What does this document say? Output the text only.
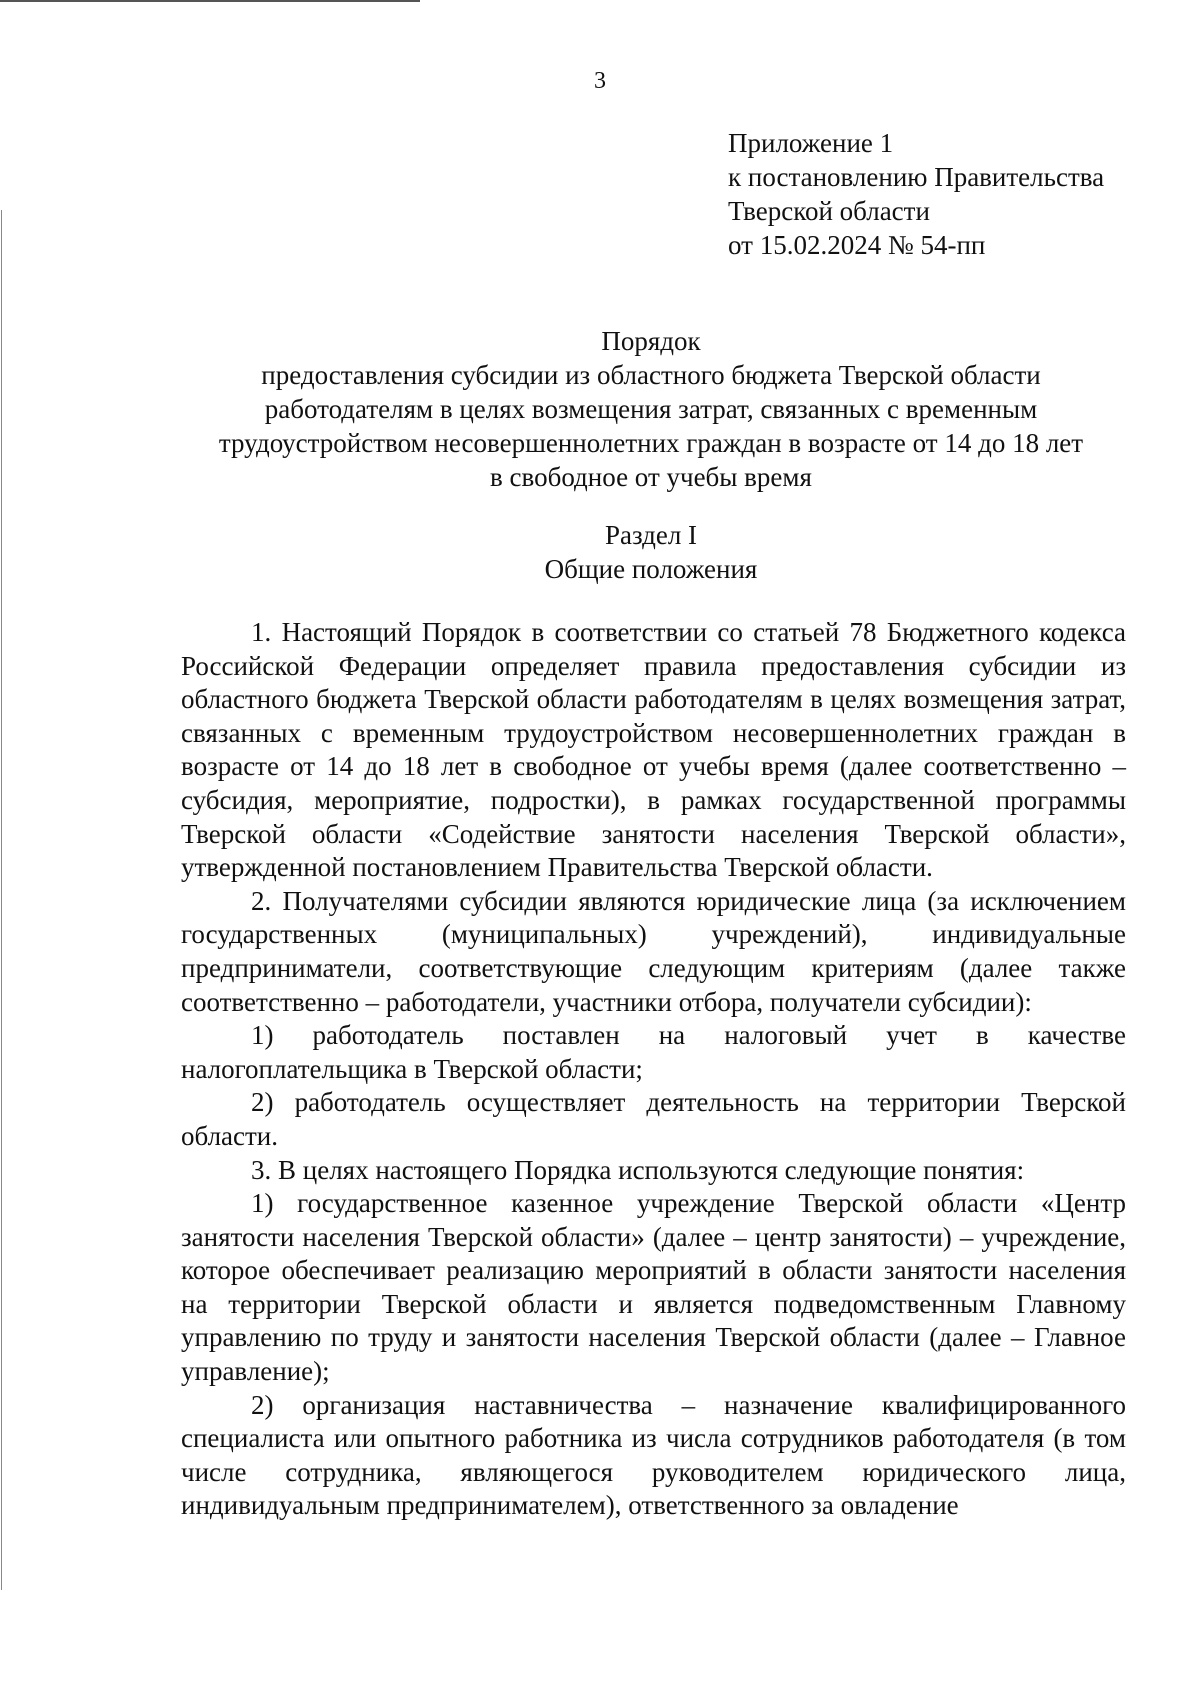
3
Приложение 1
к постановлению Правительства
Тверской области
от 15.02.2024 № 54-пп
Порядок
предоставления субсидии из областного бюджета Тверской области
работодателям в целях возмещения затрат, связанных с временным
трудоустройством несовершеннолетних граждан в возрасте от 14 до 18 лет
в свободное от учебы время
Раздел I
Общие положения

1. Настоящий Порядок в соответствии со статьей 78 Бюджетного кодекса Российской Федерации определяет правила предоставления субсидии из областного бюджета Тверской области работодателям в целях возмещения затрат, связанных с временным трудоустройством несовершеннолетних граждан в возрасте от 14 до 18 лет в свободное от учебы время (далее соответственно – субсидия, мероприятие, подростки), в рамках государственной программы Тверской области «Содействие занятости населения Тверской области», утвержденной постановлением Правительства Тверской области.

2. Получателями субсидии являются юридические лица (за исключением государственных (муниципальных) учреждений), индивидуальные предприниматели, соответствующие следующим критериям (далее также соответственно – работодатели, участники отбора, получатели субсидии):

1) работодатель поставлен на налоговый учет в качестве налогоплательщика в Тверской области;

2) работодатель осуществляет деятельность на территории Тверской области.

3. В целях настоящего Порядка используются следующие понятия:

1) государственное казенное учреждение Тверской области «Центр занятости населения Тверской области» (далее – центр занятости) – учреждение, которое обеспечивает реализацию мероприятий в области занятости населения на территории Тверской области и является подведомственным Главному управлению по труду и занятости населения Тверской области (далее – Главное управление);

2) организация наставничества – назначение квалифицированного специалиста или опытного работника из числа сотрудников работодателя (в том числе сотрудника, являющегося руководителем юридического лица, индивидуальным предпринимателем), ответственного за овладение
